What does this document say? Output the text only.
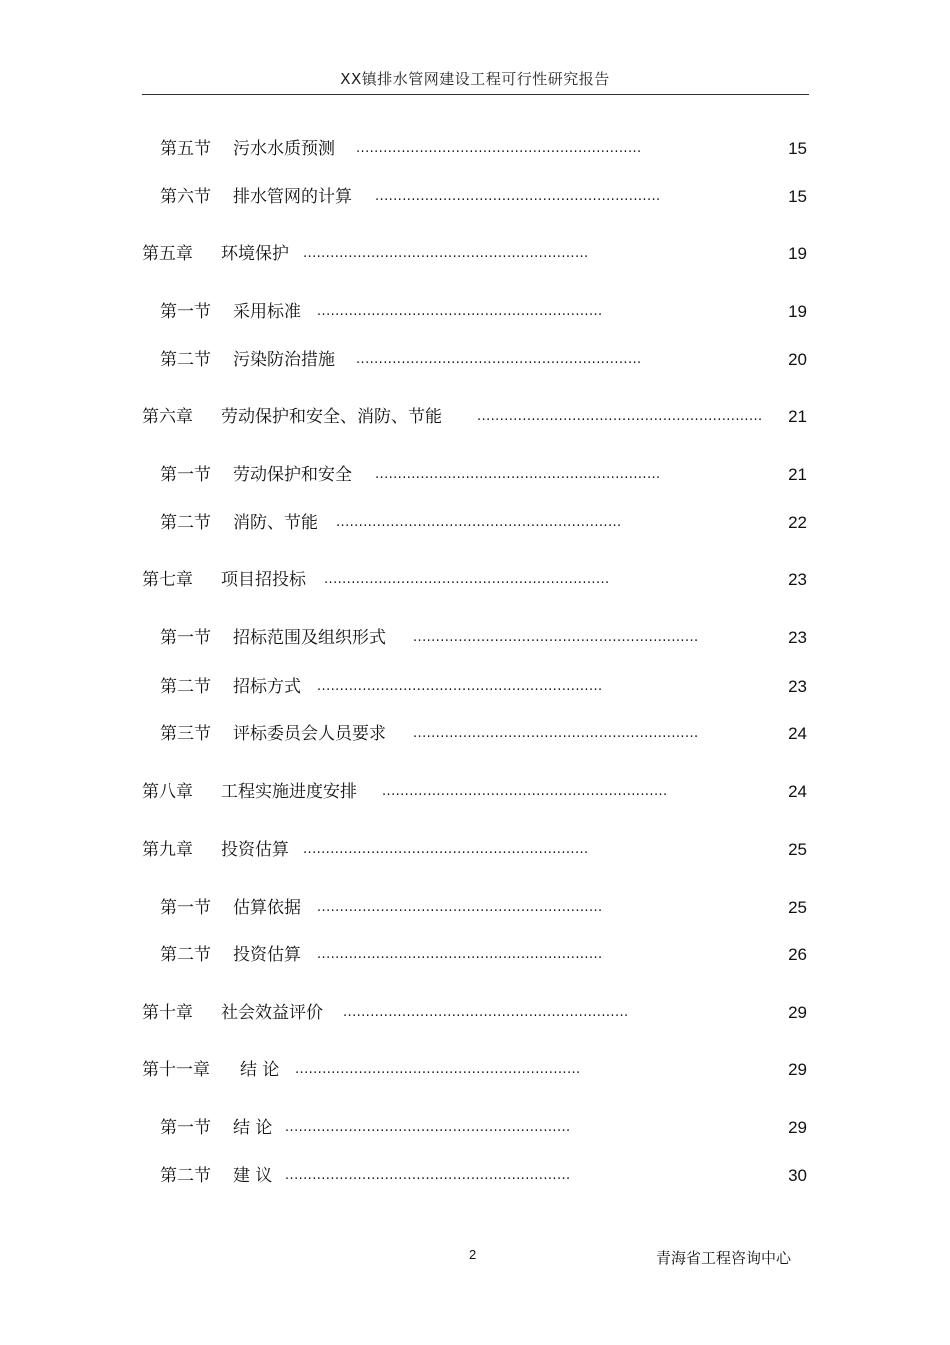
XX镇排水管网建设工程可行性研究报告
第五节 污水水质预测 ...............................................................	15
第六节 排水管网的计算 ...............................................................	15
第五章 环境保护 ...............................................................	19
第一节 采用标准 ...............................................................	19
第二节 污染防治措施 ...............................................................	20
第六章 劳动保护和安全、消防、节能	............................................................... 21
第一节 劳动保护和安全 ...............................................................	21
第二节 消防、节能 ...............................................................	22
第七章 项目招投标 ...............................................................	23
第一节 招标范围及组织形式 ...............................................................	23
第二节 招标方式 ...............................................................	23
第三节 评标委员会人员要求 ...............................................................	24
第八章 工程实施进度安排 ...............................................................	24
第九章 投资估算 ...............................................................	25
第一节 估算依据 ...............................................................	25
第二节 投资估算 ...............................................................	26
第十章 社会效益评价 ...............................................................	29
第十一章 结 论 ...............................................................	29
第一节 结 论 ...............................................................	29
第二节 建 议 ...............................................................	30
2	青海省工程咨询中心
